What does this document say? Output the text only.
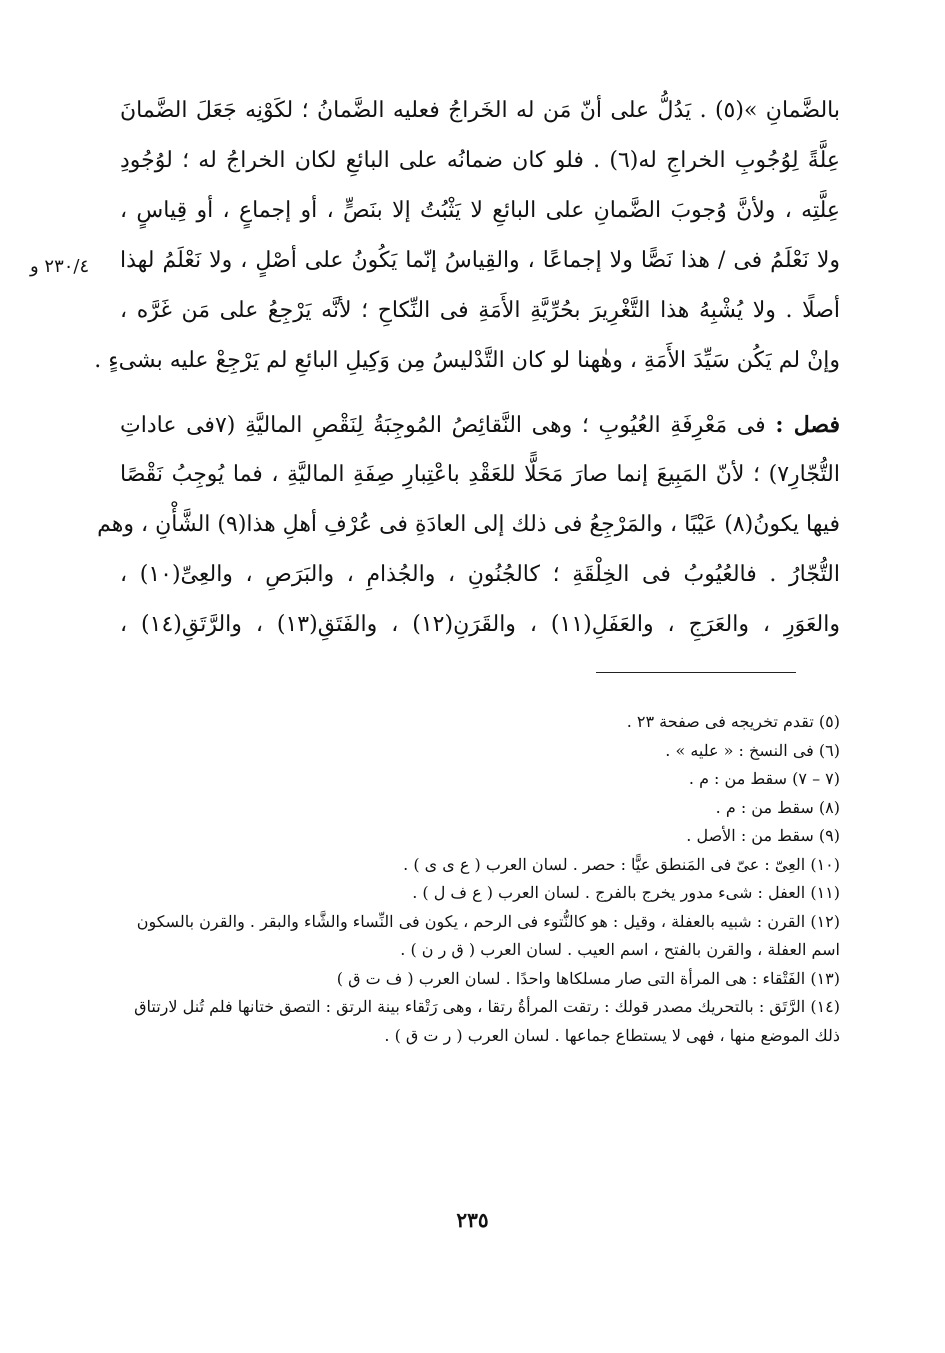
بالضَّمانِ »(٥) . يَدُلُّ على أنّ مَن له الخَراجُ فعليه الضَّمانُ ؛ لكَوْنِه جَعَلَ الضَّمانَ
عِلَّةً لِوُجُوبِ الخراجِ له(٦) . فلو كان ضمانُه على البائعِ لكان الخراجُ له ؛ لوُجُودِ
عِلَّتِه ، ولأنَّ وُجوبَ الضَّمانِ على البائعِ لا يَثْبُتُ إلا بنَصٍّ ، أو إجماعٍ ، أو قِياسٍ ،
ولا نَعْلَمُ فى / هذا نَصًّا ولا إجماعًا ، والقِياسُ إنّما يَكُونُ على أصْلٍ ، ولا نَعْلَمُ لهذا
أصلًا . ولا يُشْبِهُ هذا التَّغْرِيرَ بحُرِّيَّةِ الأَمَةِ فى النِّكاحِ ؛ لأنَّه يَرْجِعُ على مَن غَرَّه ،
وإنْ لم يَكُن سَيِّدَ الأَمَةِ ، وهٰهنا لو كان التَّدْليسُ مِن وَكِيلِ البائعِ لم يَرْجِعْ عليه بشىءٍ .
فصل : فى مَعْرِفَةِ العُيُوبِ ؛ وهى النَّقائِصُ المُوجِبَةُ لِنَقْصِ الماليَّةِ (٧فى عاداتِ
التُّجّارِ٧) ؛ لأنّ المَبِيعَ إنما صارَ مَحَلًّا للعَقْدِ باعْتِبارِ صِفَةِ الماليَّةِ ، فما يُوجِبُ نَقْصًا
فيها يكونُ(٨) عَيْبًا ، والمَرْجِعُ فى ذلك إلى العادَةِ فى عُرْفِ أهلِ هذا(٩) الشَّأْنِ ، وهم
التُّجّارُ . فالعُيُوبُ فى الخِلْقَةِ ؛ كالجُنُونِ ، والجُذامِ ، والبَرَصِ ، والعِىِّ(١٠) ،
والعَوَرِ ، والعَرَجِ ، والعَفَلِ(١١) ، والقَرَنِ(١٢) ، والفَتَقِ(١٣) ، والرَّتَقِ(١٤) ،
٢٣٠/٤ و
(٥) تقدم تخريجه فى صفحة ٢٣ .
(٦) فى النسخ : « عليه » .
(٧ – ٧) سقط من : م .
(٨) سقط من : م .
(٩) سقط من : الأصل .
(١٠) العِىّ : عىّ فى المَنطق عيًّا : حصر . لسان العرب ( ع ى ى ) .
(١١) العفل : شىء مدور يخرج بالفرج . لسان العرب ( ع ف ل ) .
(١٢) القرن : شبيه بالعفلة ، وقيل : هو كالنُّتوء فى الرحم ، يكون فى النِّساء والشَّاء والبقر . والقرن بالسكون
اسم العفلة ، والقرن بالفتح ، اسم العيب . لسان العرب ( ق ر ن ) .
(١٣) الفَتْقاء : هى المرأة التى صار مسلكاها واحدًا . لسان العرب ( ف ت ق )
(١٤) الرَّتَق : بالتحريك مصدر قولك : رتقت المرأةُ رتقا ، وهى رَتْقاء بينة الرتق : التصق ختانها فلم تُنل لارتتاق
ذلك الموضع منها ، فهى لا يستطاع جماعها . لسان العرب ( ر ت ق ) .
٢٣٥
